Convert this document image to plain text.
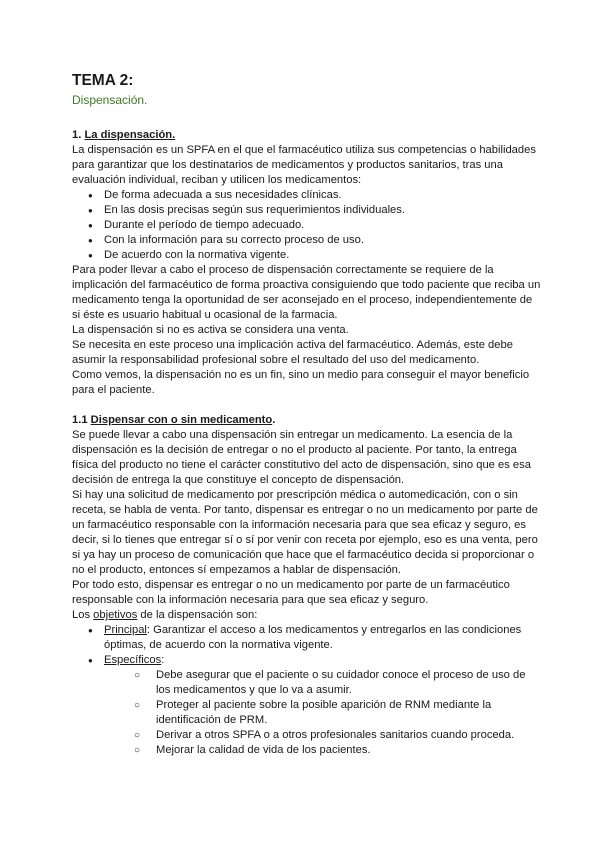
TEMA 2:

Dispensación.

1. La dispensación.

La dispensación es un SPFA en el que el farmacéutico utiliza sus competencias o habilidades para garantizar que los destinatarios de medicamentos y productos sanitarios, tras una evaluación individual, reciban y utilicen los medicamentos:

● De forma adecuada a sus necesidades clínicas.
● En las dosis precisas según sus requerimientos individuales.
● Durante el período de tiempo adecuado.
● Con la información para su correcto proceso de uso.
● De acuerdo con la normativa vigente.

Para poder llevar a cabo el proceso de dispensación correctamente se requiere de la implicación del farmacéutico de forma proactiva consiguiendo que todo paciente que reciba un medicamento tenga la oportunidad de ser aconsejado en el proceso, independientemente de si éste es usuario habitual u ocasional de la farmacia.

La dispensación si no es activa se considera una venta.

Se necesita en este proceso una implicación activa del farmacéutico. Además, este debe asumir la responsabilidad profesional sobre el resultado del uso del medicamento.

Como vemos, la dispensación no es un fin, sino un medio para conseguir el mayor beneficio para el paciente.

1.1 Dispensar con o sin medicamento.

Se puede llevar a cabo una dispensación sin entregar un medicamento. La esencia de la dispensación es la decisión de entregar o no el producto al paciente. Por tanto, la entrega física del producto no tiene el carácter constitutivo del acto de dispensación, sino que es esa decisión de entrega la que constituye el concepto de dispensación.

Si hay una solicitud de medicamento por prescripción médica o automedicación, con o sin receta, se habla de venta. Por tanto, dispensar es entregar o no un medicamento por parte de un farmacéutico responsable con la información necesaria para que sea eficaz y seguro, es decir, si lo tienes que entregar sí o sí por venir con receta por ejemplo, eso es una venta, pero si ya hay un proceso de comunicación que hace que el farmacéutico decida si proporcionar o no el producto, entonces sí empezamos a hablar de dispensación.

Por todo esto, dispensar es entregar o no un medicamento por parte de un farmacéutico responsable con la información necesaria para que sea eficaz y seguro.

Los objetivos de la dispensación son:

● Principal: Garantizar el acceso a los medicamentos y entregarlos en las condiciones óptimas, de acuerdo con la normativa vigente.
● Específicos:
○ Debe asegurar que el paciente o su cuidador conoce el proceso de uso de los medicamentos y que lo va a asumir.
○ Proteger al paciente sobre la posible aparición de RNM mediante la identificación de PRM.
○ Derivar a otros SPFA o a otros profesionales sanitarios cuando proceda.
○ Mejorar la calidad de vida de los pacientes.
